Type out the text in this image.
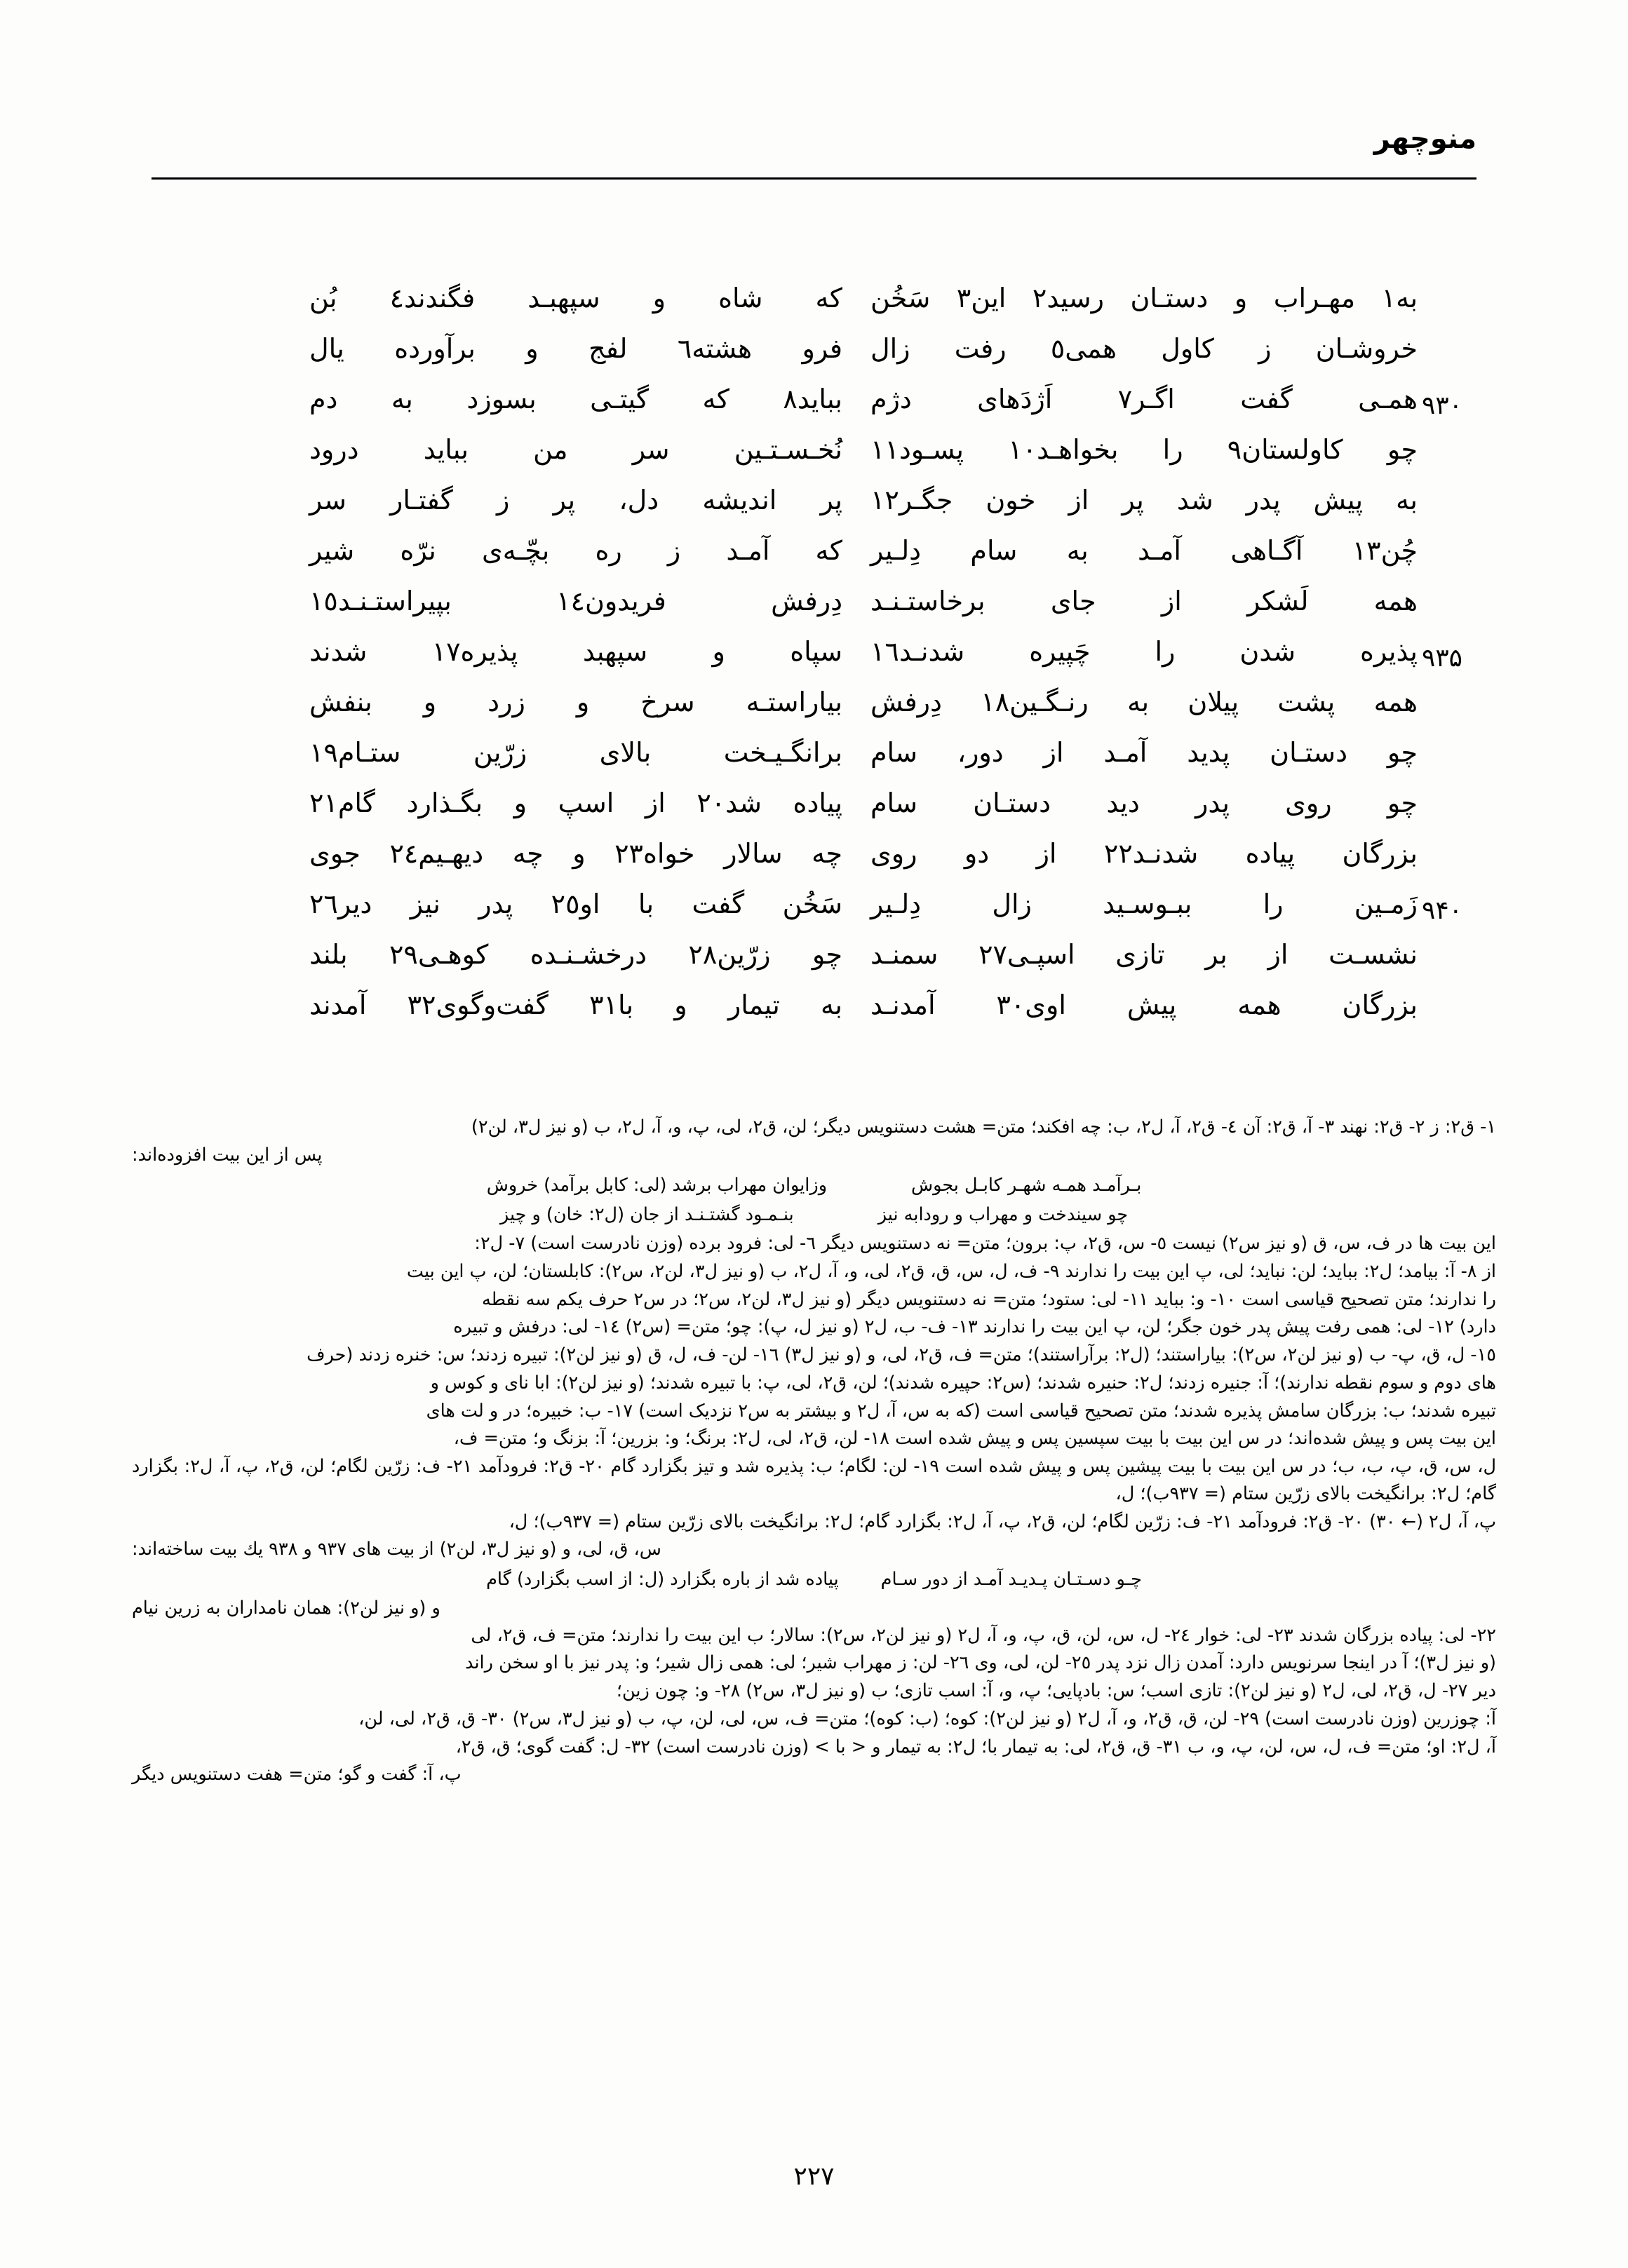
منوچهر
به١ مهـراب و دستـان رسید٢ این٣ سَخُن
که شاه و سپهبـد فگندند٤ بُن
خروشـان ز کاول همی٥ رفت زال
فرو هشته٦ لفج و برآورده یال
۹۳۰
همـی گفت اگـر٧ اَژدَهای دژم
بباید٨ که گیتـی بسوزد به دم
چو کاولستان٩ را بخواهـد١٠ پسـود١١
نُخـسـتـین سر من بباید درود
به پیش پدر شد پر از خون جگـر١٢
پر اندیشه دل، پر ز گفتـار سر
چُن١٣ آگـاهی آمـد به سام دِلـیر
که آمـد ز ره بچّـه‌ی نرّه شیر
همه لَشکر از جای برخاستـنـد
دِرفش فریدون١٤ بپیراستـنـد١٥
۹۳۵
پذیره شدن را چَپیره شدنـد١٦
سپاه و سپهبد پذیره١٧ شدند
همه پشت پیلان به رنـگـین١٨ دِرفش
بیاراستـه سرخ و زرد و بنفش
چو دستـان پدید آمـد از دور، سام
برانگـیـخت بالای زرّین ستـام١٩
چو روی پدر دید دستـان سام
پیاده شد٢٠ از اسپ و بگـذارد گام٢١
بزرگان پیاده شدنـد٢٢ از دو روی
چه سالار خواه٢٣ و چه دیهـیم٢٤ جوی
۹۴۰
زَمـین را ببـوسـید زال دِلـیر
سَخُن گفت با او٢٥ پدر نیز دیر٢٦
نشسـت از بر تازی اسپـی٢٧ سمنـد
چو زرّین٢٨ درخشـنـده کوهـی٢٩ بلند
بزرگان همه پیش اوی٣٠ آمدنـد
به تیمار و با٣١ گفت‌وگوی٣٢ آمدند

۱- ق٢: ز ۲- ق٢: نهند ۳- آ، ق٢: آن ٤- ق٢، آ، ل٢، ب: چه افکند؛ متن= هشت دستنویس دیگر؛ لن، ق٢، لی، پ، و، آ، ل٢، ب (و نیز ل٣، لن٢)

پس از این بیت افزوده‌اند:

بـرآمـد همـه شهـر کابـل بجوش
وزایوان مهراب برشد (لی: کابل برآمد) خروش
چو سیندخت و مهراب و رودابه نیز
بنـمـود گشتـنـد از جان (ل٢: خان) و چیز

این بیت ها در ف، س، ق (و نیز س٢) نیست ٥- س، ق٢، پ: برون؛ متن= نه دستنویس دیگر ٦- لی: فرود برده (وزن نادرست است) ٧- ل٢:

از ٨- آ: بیامد؛ ل٢: بباید؛ لن: نباید؛ لی، پ این بیت را ندارند ٩- ف، ل، س، ق، ق٢، لی، و، آ، ل٢، ب (و نیز ل٣، لن٢، س٢): کابلستان؛ لن، پ این بیت

را ندارند؛ متن تصحیح قیاسی است ١٠- و: بباید ١١- لی: ستود؛ متن= نه دستنویس دیگر (و نیز ل٣، لن٢، س٢؛ در س٢ حرف یکم سه نقطه

دارد) ١٢- لی: همی رفت پیش پدر خون جگر؛ لن، پ این بیت را ندارند ١٣- ف- ب، ل٢ (و نیز ل، پ): چو؛ متن= (س٢) ١٤- لی: درفش و تبیره

١٥- ل، ق، پ- ب (و نیز لن٢، س٢): بیاراستند؛ (ل٢: برآراستند)؛ متن= ف، ق٢، لی، و (و نیز ل٣) ١٦- لن- ف، ل، ق (و نیز لن٢): تبیره زدند؛ س: خنره زدند (حرف

های دوم و سوم نقطه ندارند)؛ آ: جنیره زدند؛ ل٢: حنیره شدند؛ (س٢: حپیره شدند)؛ لن، ق٢، لی، پ: با تبیره شدند؛ (و نیز لن٢): ابا نای و کوس و

تبیره شدند؛ ب: بزرگان سامش پذیره شدند؛ متن تصحیح قیاسی است (که به س، آ، ل٢ و بیشتر به س٢ نزدیک است) ١٧- ب: خبیره؛ در و لت های

این بیت پس و پیش شده‌اند؛ در س این بیت با بیت سپسین پس و پیش شده است ١٨- لن، ق٢، لی، ل٢: برنگ؛ و: بزرین؛ آ: بزنگ و؛ متن= ف،

ل، س، ق، پ، ب، ب؛ در س این بیت با بیت پیشین پس و پیش شده است ١٩- لن: لگام؛ ب: پذیره شد و تیز بگزارد گام ٢٠- ق٢: فرودآمد ٢١- ف: زرّین لگام؛ لن، ق٢، پ، آ، ل٢: بگزارد گام؛ ل٢: برانگیخت بالای زرّین ستام (= ۹۳۷ب)؛ ل،

پ، آ، ل٢ (← ۳۰) ٢٠- ق٢: فرودآمد ٢١- ف: زرّین لگام؛ لن، ق٢، پ، آ، ل٢: بگزارد گام؛ ل٢: برانگیخت بالای زرّین ستام (= ۹۳۷ب)؛ ل،

س، ق، لی، و (و نیز ل٣، لن٢) از بیت های ۹۳۷ و ۹۳۸ یك بیت ساخته‌اند:

چـو دسـتـان پـدیـد آمـد از دور سـام
پیاده شد از باره بگزارد (ل: از اسب بگزارد) گام

و (و نیز لن٢): همان نامداران به زرین نیام

٢٢- لی: پیاده بزرگان شدند ٢٣- لی: خوار ٢٤- ل، س، لن، ق، پ، و، آ، ل٢ (و نیز لن٢، س٢): سالار؛ ب این بیت را ندارند؛ متن= ف، ق٢، لی

(و نیز ل٣)؛ آ در اینجا سرنویس دارد: آمدن زال نزد پدر ٢٥- لن، لی، وی ٢٦- لن: ز مهراب شیر؛ لی: همی زال شیر؛ و: پدر نیز با او سخن راند

دیر ٢٧- ل، ق٢، لی، ل٢ (و نیز لن٢): تازی اسب؛ س: بادپایی؛ پ، و، آ: اسب تازی؛ ب (و نیز ل٣، س٢) ٢٨- و: چون زین؛

آ: چوزرین (وزن نادرست است) ٢٩- لن، ق، ق٢، و، آ، ل٢ (و نیز لن٢): كوه؛ (ب: كوه)؛ متن= ف، س، لی، لن، پ، ب (و نیز ل٣، س٢) ٣٠- ق، ق٢، لی، لن،

آ، ل٢: او؛ متن= ف، ل، س، لن، پ، و، ب ٣١- ق، ق٢، لی: به تیمار با؛ ل٢: به تیمار و < با > (وزن نادرست است) ٣٢- ل: گفت گوی؛ ق، ق٢،

پ، آ: گفت و گو؛ متن= هفت دستنویس دیگر

۲۲۷
